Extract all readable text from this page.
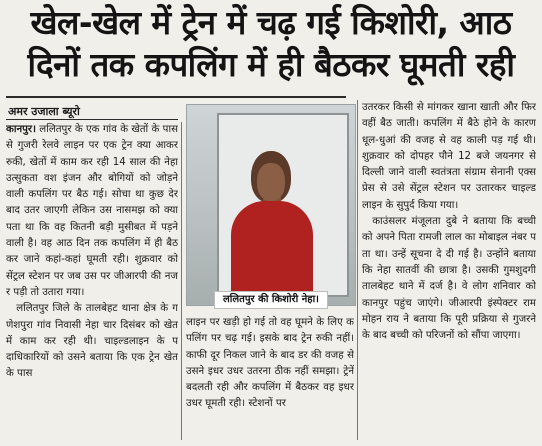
खेल-खेल में ट्रेन में चढ़ गई किशोरी, आठ
दिनों तक कपलिंग में ही बैठकर घूमती रही
अमर उजाला ब्यूरो

कानपुर। ललितपुर के एक गांव के खेतों के पास से गुजरी रेलवे लाइन पर एक ट्रेन क्या आकर रुकी, खेतों में काम कर रही 14 साल की नेहा उत्सुकता वश इंजन और बोगियों को जोड़ने वाली कपलिंग पर बैठ गई। सोचा था कुछ देर बाद उतर जाएगी लेकिन उस नासमझ को क्या पता था कि वह कितनी बड़ी मुसीबत में पड़ने वाली है। वह आठ दिन तक कपलिंग में ही बैठकर जाने कहां-कहां घूमती रही। शुक्रवार को सेंट्रल स्टेशन पर जब उस पर जीआरपी की नजर पड़ी तो उतारा गया।

ललितपुर जिले के तालबेहट थाना क्षेत्र के गणेशपुरा गांव निवासी नेहा चार दिसंबर को खेत में काम कर रही थी। चाइल्डलाइन के पदाधिकारियों को उसने बताया कि एक ट्रेन खेत के पास

ललितपुर की किशोरी नेहा।

लाइन पर खड़ी हो गई तो वह घूमने के लिए कपलिंग पर चढ़ गई। इसके बाद ट्रेन रुकी नहीं। काफी दूर निकल जाने के बाद डर की वजह से उसने इधर उधर उतरना ठीक नहीं समझा। ट्रेनें बदलती रही और कपलिंग में बैठकर वह इधर उधर घूमती रही। स्टेशनों पर

उतरकर किसी से मांगकर खाना खाती और फिर वहीं बैठ जाती। कपलिंग में बैठे होने के कारण धूल-धुआं की वजह से वह काली पड़ गई थी। शुक्रवार को दोपहर पौने 12 बजे जयनगर से दिल्ली जाने वाली स्वतंत्रता संग्राम सेनानी एक्सप्रेस से उसे सेंट्रल स्टेशन पर उतारकर चाइल्डलाइन के सुपुर्द किया गया।

काउंसलर मंजूलता दुबे ने बताया कि बच्ची को अपने पिता रामजी लाल का मोबाइल नंबर पता था। उन्हें सूचना दे दी गई है। उन्होंने बताया कि नेहा सातवीं की छात्रा है। उसकी गुमशुदगी तालबेहट थाने में दर्ज है। वे लोग शनिवार को कानपुर पहुंच जाएंगे। जीआरपी इंस्पेक्टर राम मोहन राय ने बताया कि पूरी प्रक्रिया से गुजरने के बाद बच्ची को परिजनों को सौंपा जाएगा।
